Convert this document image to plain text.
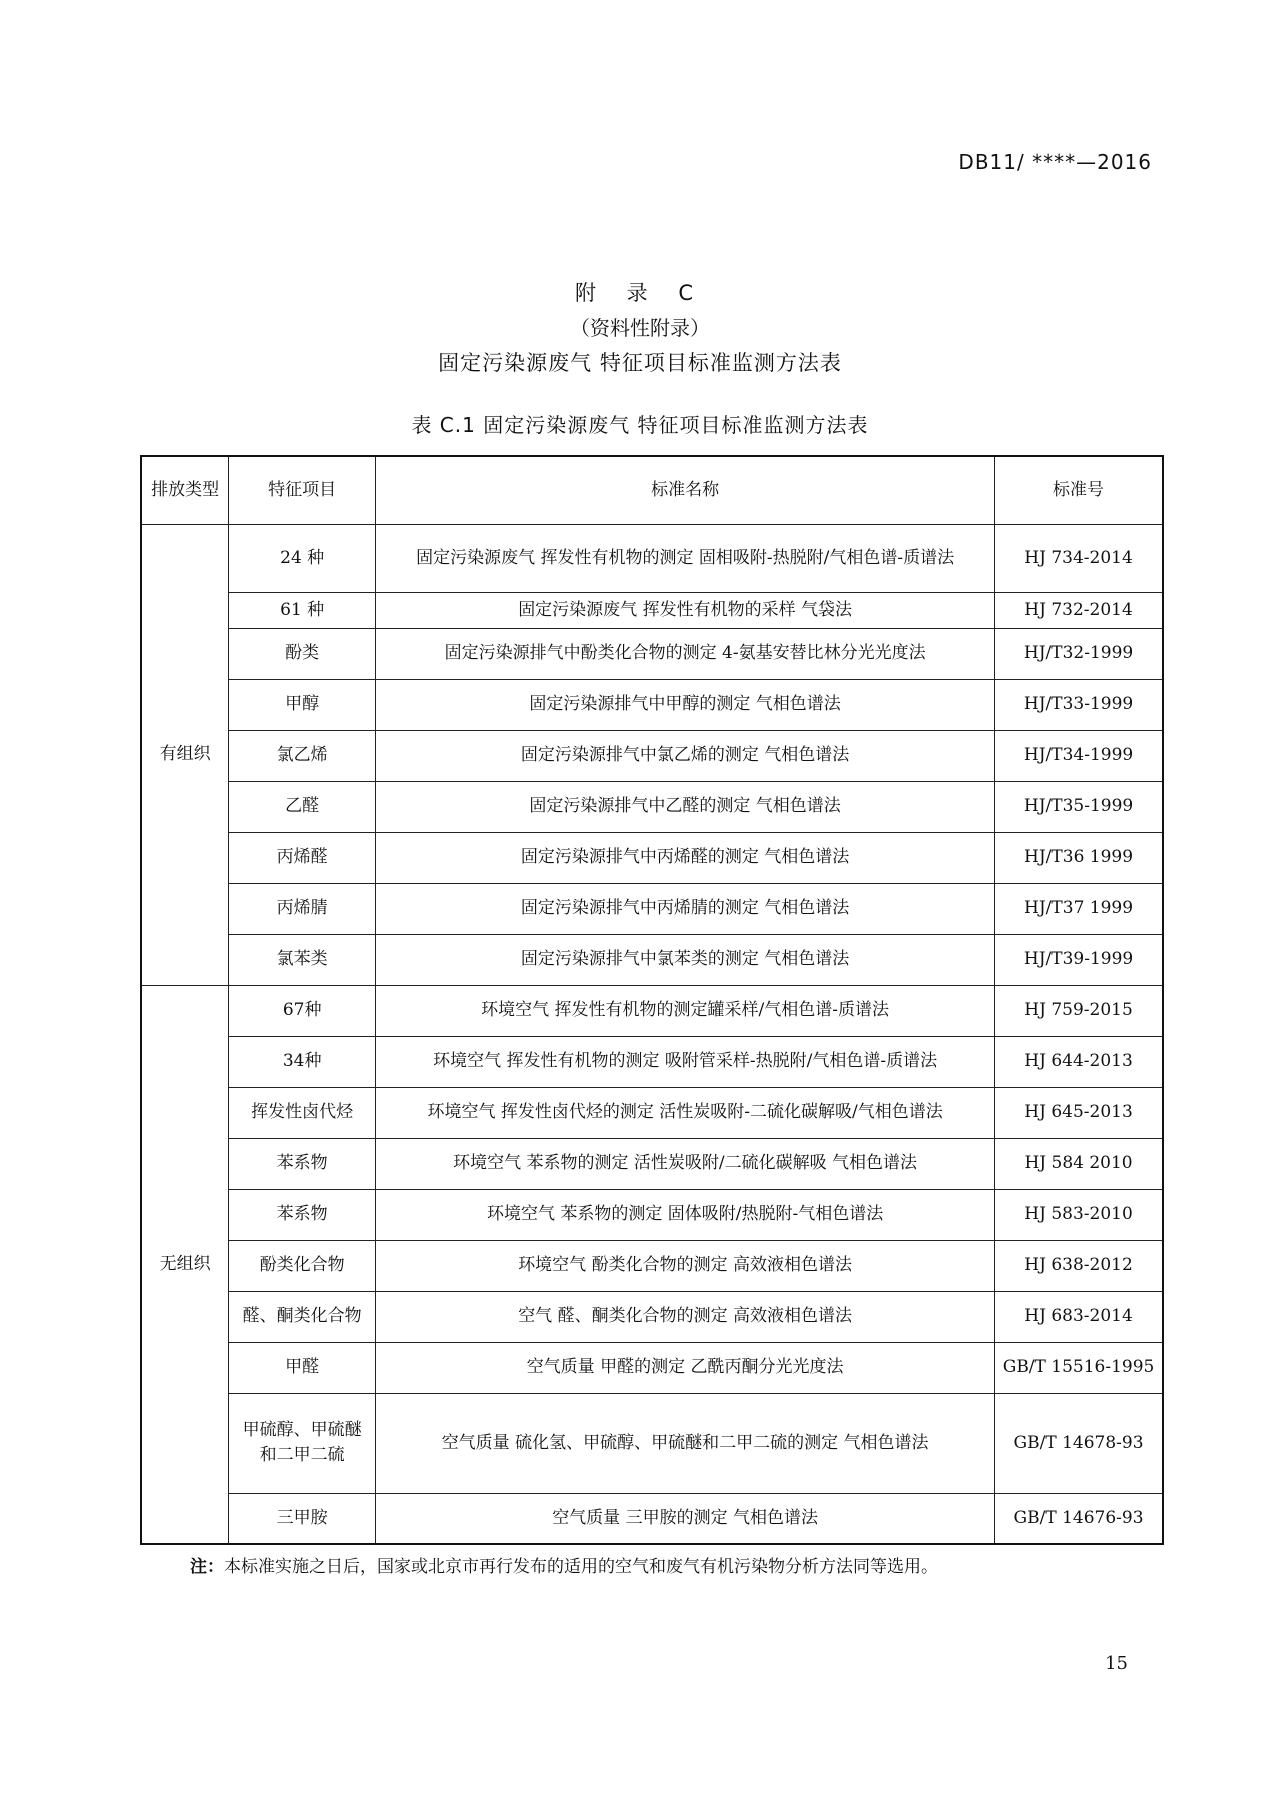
DB11/ ****—2016
附 录 C
（资料性附录）
固定污染源废气 特征项目标准监测方法表
表 C.1 固定污染源废气 特征项目标准监测方法表
排放类型	特征项目	标准名称	标准号
有组织	24 种	固定污染源废气 挥发性有机物的测定 固相吸附-热脱附/气相色谱-质谱法	HJ 734-2014
	61 种	固定污染源废气 挥发性有机物的采样 气袋法	HJ 732-2014
	酚类	固定污染源排气中酚类化合物的测定 4-氨基安替比林分光光度法	HJ/T32-1999
	甲醇	固定污染源排气中甲醇的测定 气相色谱法	HJ/T33-1999
	氯乙烯	固定污染源排气中氯乙烯的测定 气相色谱法	HJ/T34-1999
	乙醛	固定污染源排气中乙醛的测定 气相色谱法	HJ/T35-1999
	丙烯醛	固定污染源排气中丙烯醛的测定 气相色谱法	HJ/T36 1999
	丙烯腈	固定污染源排气中丙烯腈的测定 气相色谱法	HJ/T37 1999
	氯苯类	固定污染源排气中氯苯类的测定 气相色谱法	HJ/T39-1999
无组织	67种	环境空气 挥发性有机物的测定罐采样/气相色谱-质谱法	HJ 759-2015
	34种	环境空气 挥发性有机物的测定 吸附管采样-热脱附/气相色谱-质谱法	HJ 644-2013
	挥发性卤代烃	环境空气 挥发性卤代烃的测定 活性炭吸附-二硫化碳解吸/气相色谱法	HJ 645-2013
	苯系物	环境空气 苯系物的测定 活性炭吸附/二硫化碳解吸 气相色谱法	HJ 584 2010
	苯系物	环境空气 苯系物的测定 固体吸附/热脱附-气相色谱法	HJ 583-2010
	酚类化合物	环境空气 酚类化合物的测定 高效液相色谱法	HJ 638-2012
	醛、酮类化合物	空气 醛、酮类化合物的测定 高效液相色谱法	HJ 683-2014
	甲醛	空气质量 甲醛的测定 乙酰丙酮分光光度法	GB/T 15516-1995
	甲硫醇、甲硫醚和二甲二硫	空气质量 硫化氢、甲硫醇、甲硫醚和二甲二硫的测定 气相色谱法	GB/T 14678-93
	三甲胺	空气质量 三甲胺的测定 气相色谱法	GB/T 14676-93
注：本标准实施之日后，国家或北京市再行发布的适用的空气和废气有机污染物分析方法同等选用。
15
